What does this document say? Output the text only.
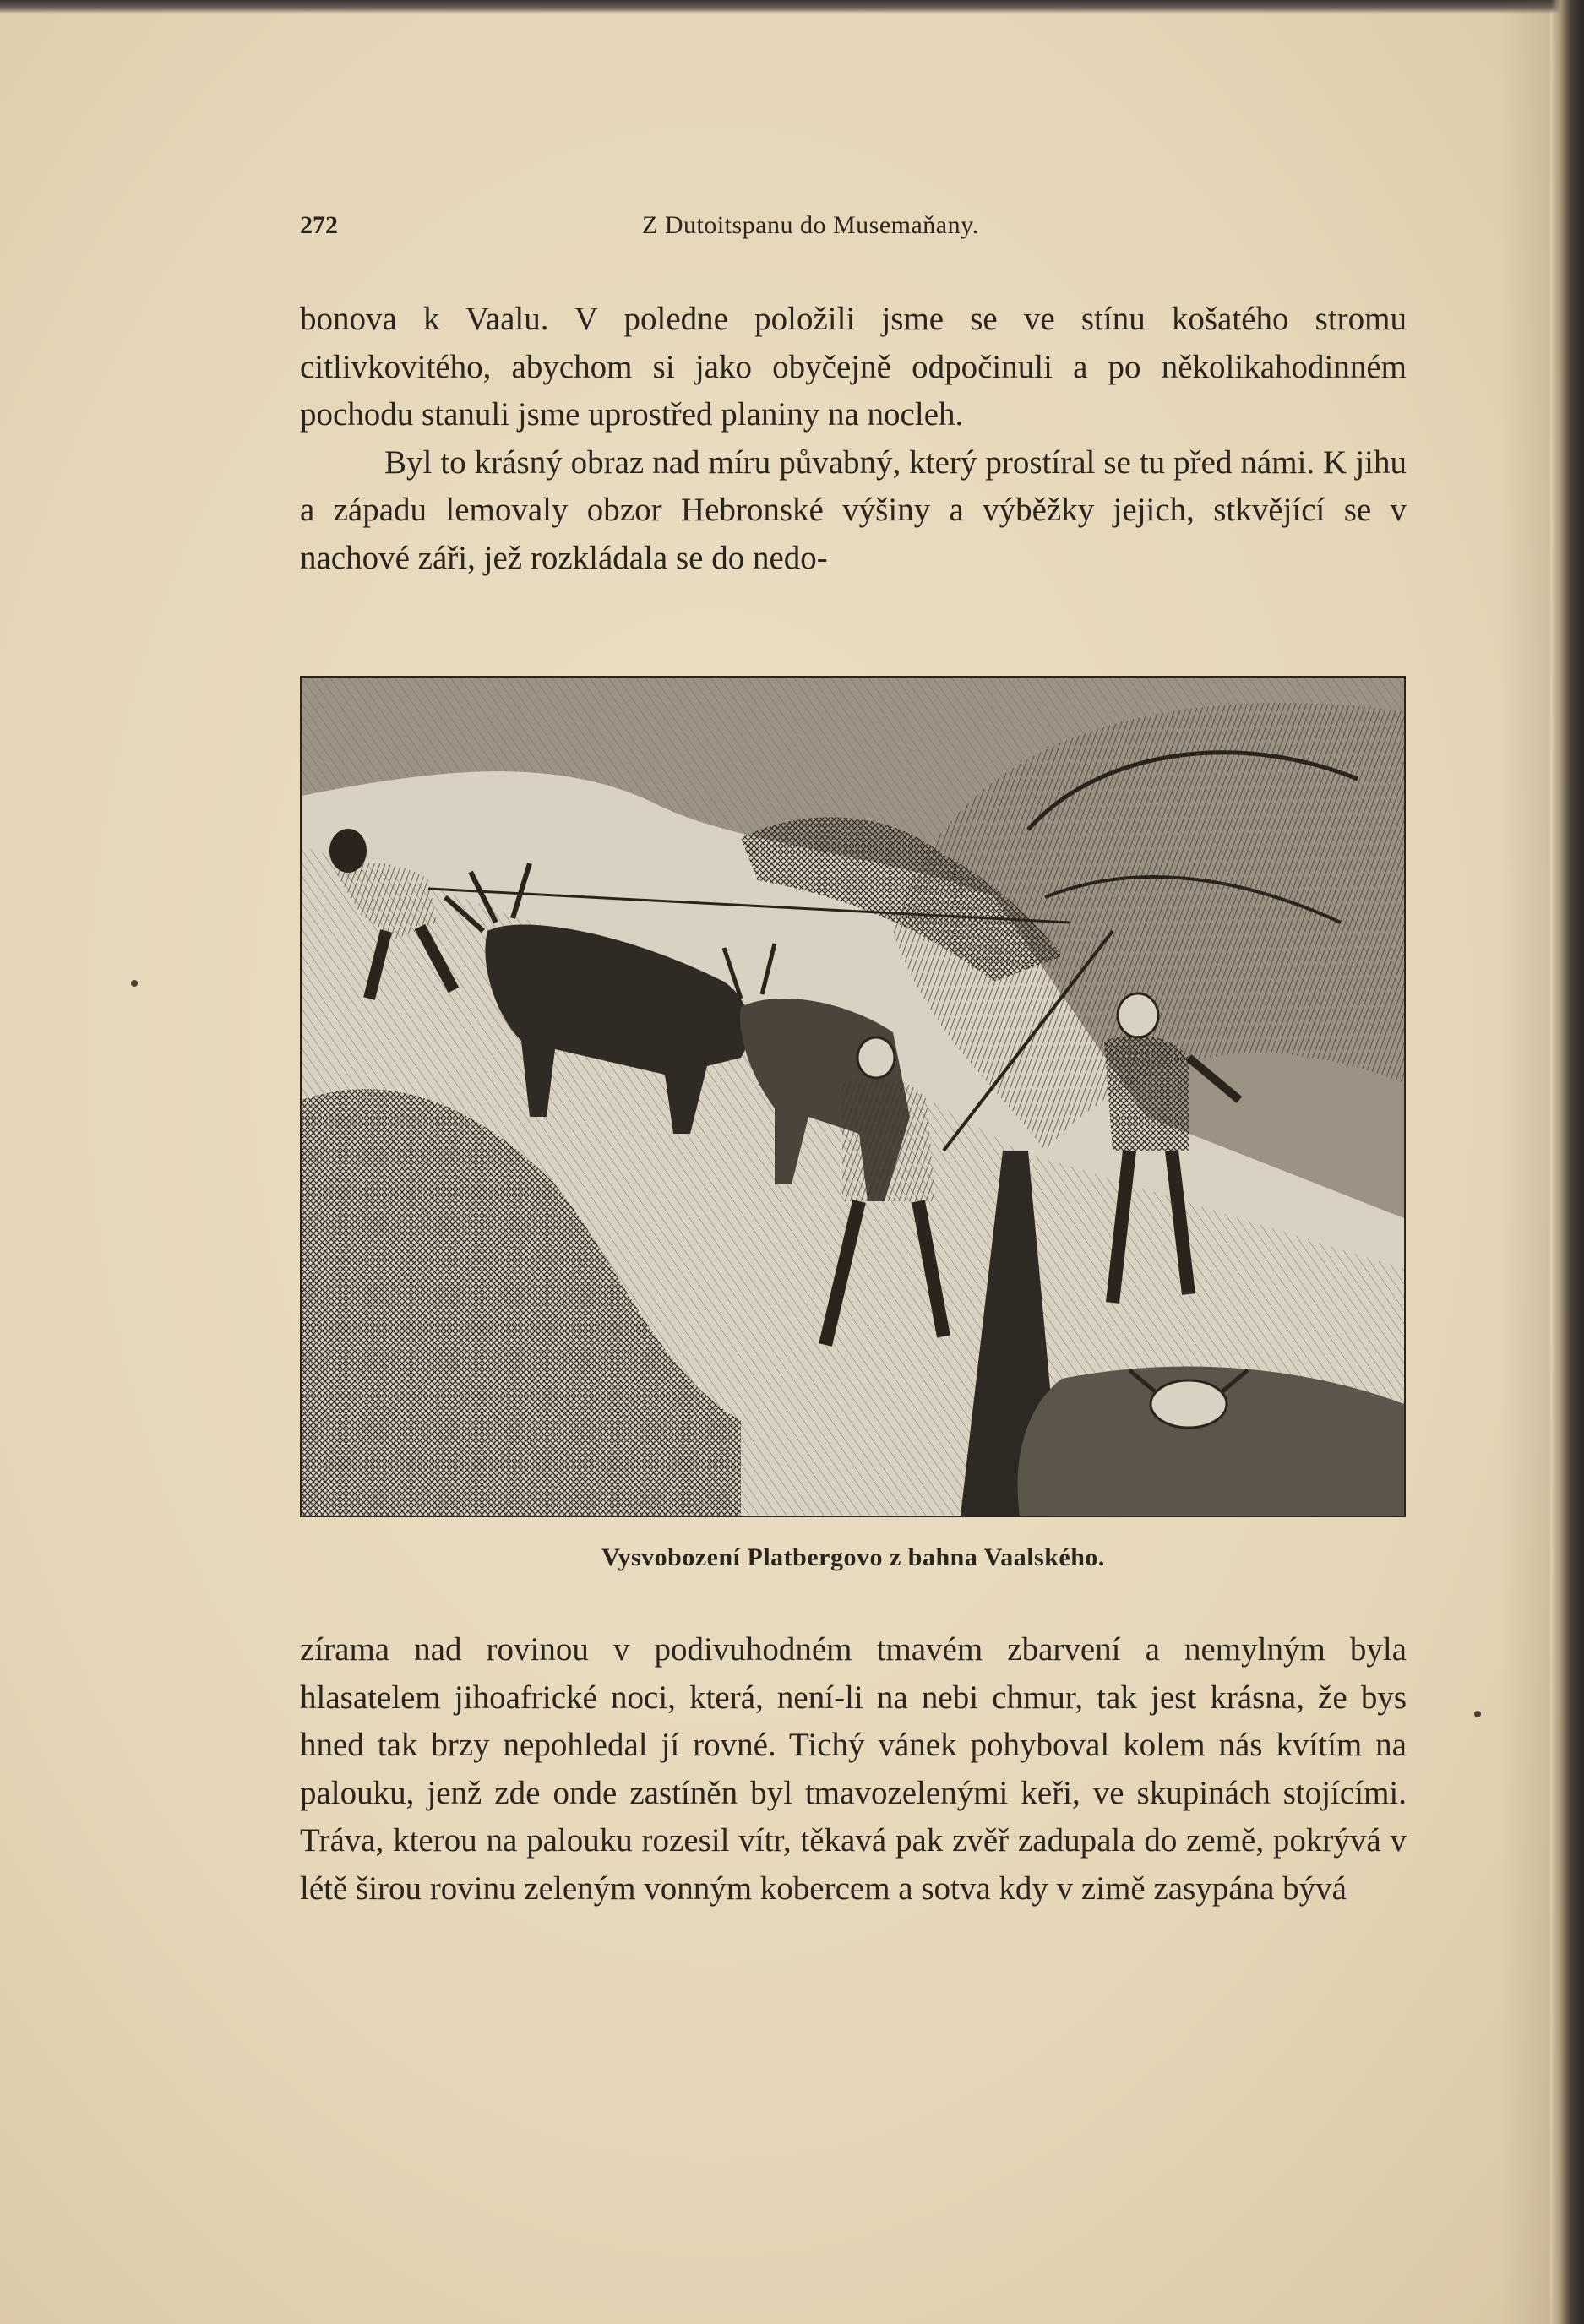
272	Z Dutoitspanu do Musemaňany.

bonova k Vaalu. V poledne položili jsme se ve stínu košatého stromu citlivkovitého, abychom si jako obyčejně odpočinuli a po několikahodinném pochodu stanuli jsme uprostřed planiny na nocleh.

Byl to krásný obraz nad míru půvabný, který prostíral se tu před námi. K jihu a západu lemovaly obzor Hebronské výšiny a výběžky jejich, stkvějící se v nachové záři, jež rozkládala se do nedo-

Vysvobození Platbergovo z bahna Vaalského.

zírama nad rovinou v podivuhodném tmavém zbarvení a nemylným byla hlasatelem jihoafrické noci, která, není-li na nebi chmur, tak jest krásna, že bys hned tak brzy nepohledal jí rovné. Tichý vánek pohyboval kolem nás kvítím na palouku, jenž zde onde zastíněn byl tmavozelenými keři, ve skupinách stojícími. Tráva, kterou na palouku rozesil vítr, těkavá pak zvěř zadupala do země, pokrývá v létě širou rovinu zeleným vonným kobercem a sotva kdy v zimě zasypána bývá
